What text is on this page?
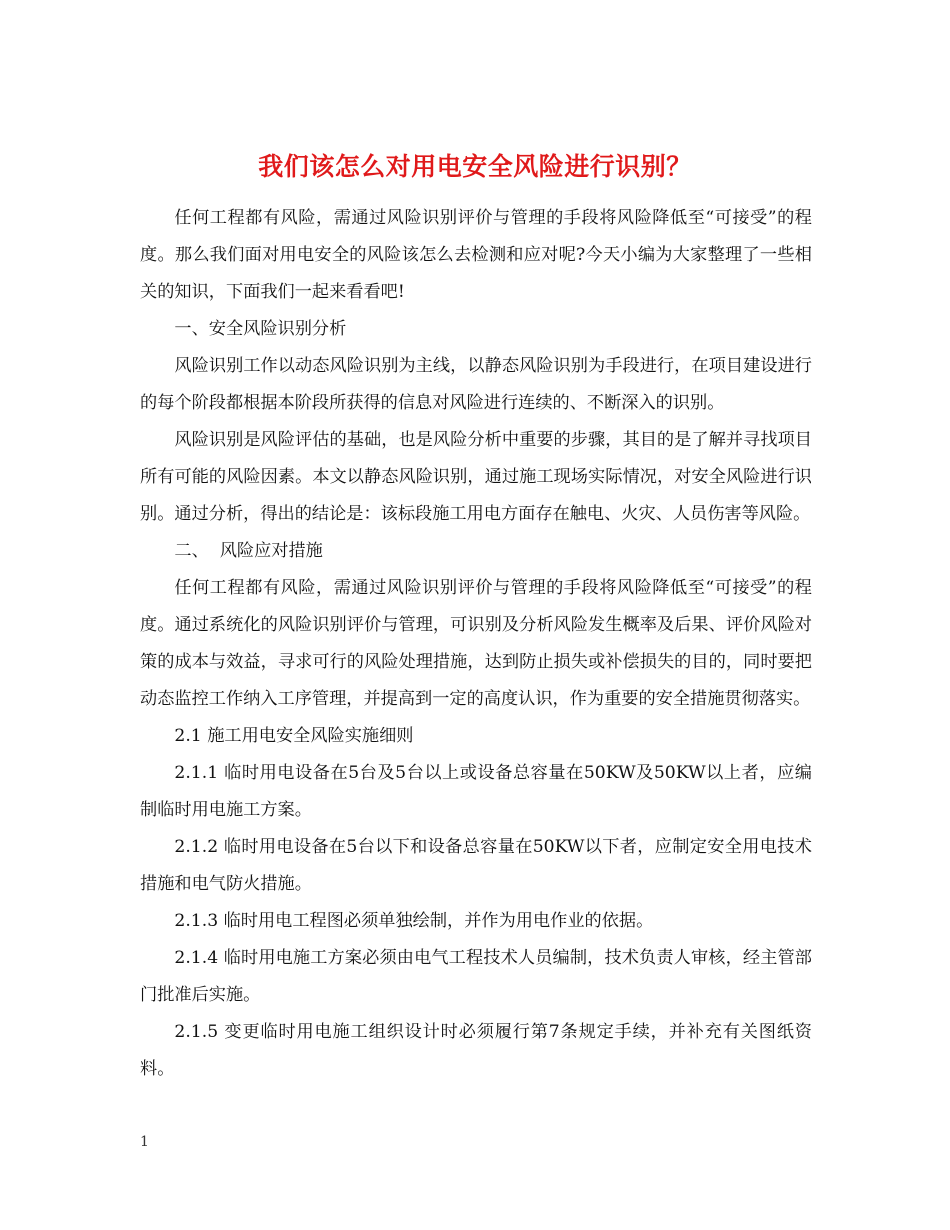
我们该怎么对用电安全风险进行识别？

任何工程都有风险，需通过风险识别评价与管理的手段将风险降低至“可接受”的程度。那么我们面对用电安全的风险该怎么去检测和应对呢?今天小编为大家整理了一些相关的知识，下面我们一起来看看吧!

一、安全风险识别分析

风险识别工作以动态风险识别为主线，以静态风险识别为手段进行，在项目建设进行的每个阶段都根据本阶段所获得的信息对风险进行连续的、不断深入的识别。

风险识别是风险评估的基础，也是风险分析中重要的步骤，其目的是了解并寻找项目所有可能的风险因素。本文以静态风险识别，通过施工现场实际情况，对安全风险进行识别。通过分析，得出的结论是：该标段施工用电方面存在触电、火灾、人员伤害等风险。

二、  风险应对措施

任何工程都有风险，需通过风险识别评价与管理的手段将风险降低至“可接受”的程度。通过系统化的风险识别评价与管理，可识别及分析风险发生概率及后果、评价风险对策的成本与效益，寻求可行的风险处理措施，达到防止损失或补偿损失的目的，同时要把动态监控工作纳入工序管理，并提高到一定的高度认识，作为重要的安全措施贯彻落实。

2.1 施工用电安全风险实施细则

2.1.1 临时用电设备在5台及5台以上或设备总容量在50KW及50KW以上者，应编制临时用电施工方案。

2.1.2 临时用电设备在5台以下和设备总容量在50KW以下者，应制定安全用电技术措施和电气防火措施。

2.1.3 临时用电工程图必须单独绘制，并作为用电作业的依据。

2.1.4 临时用电施工方案必须由电气工程技术人员编制，技术负责人审核，经主管部门批准后实施。

2.1.5 变更临时用电施工组织设计时必须履行第7条规定手续，并补充有关图纸资料。

1
